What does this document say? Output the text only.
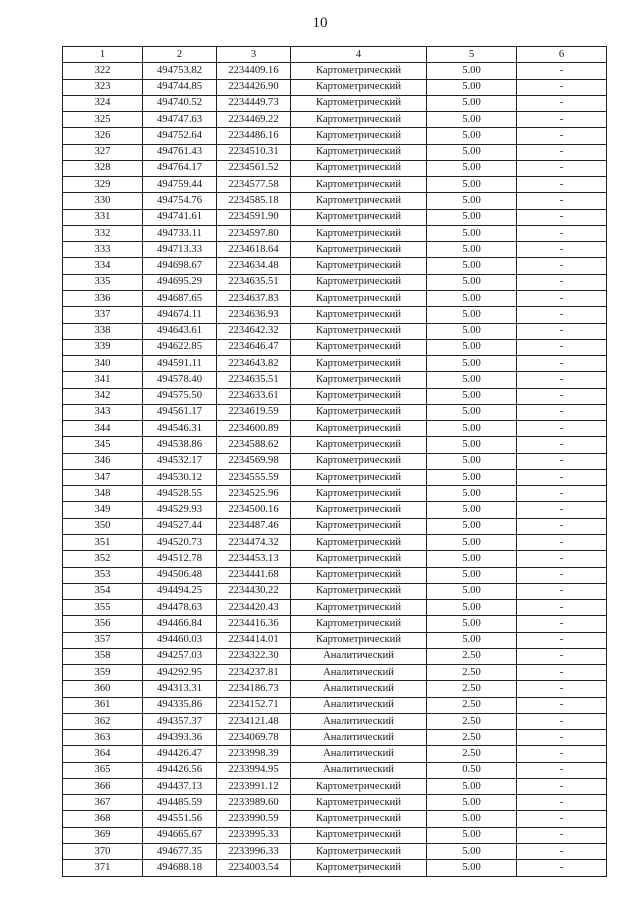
10
1	2	3	4	5	6
322	494753.82	2234409.16	Картометрический	5.00	-
323	494744.85	2234426.90	Картометрический	5.00	-
324	494740.52	2234449.73	Картометрический	5.00	-
325	494747.63	2234469.22	Картометрический	5.00	-
326	494752.64	2234486.16	Картометрический	5.00	-
327	494761.43	2234510.31	Картометрический	5.00	-
328	494764.17	2234561.52	Картометрический	5.00	-
329	494759.44	2234577.58	Картометрический	5.00	-
330	494754.76	2234585.18	Картометрический	5.00	-
331	494741.61	2234591.90	Картометрический	5.00	-
332	494733.11	2234597.80	Картометрический	5.00	-
333	494713.33	2234618.64	Картометрический	5.00	-
334	494698.67	2234634.48	Картометрический	5.00	-
335	494695.29	2234635.51	Картометрический	5.00	-
336	494687.65	2234637.83	Картометрический	5.00	-
337	494674.11	2234636.93	Картометрический	5.00	-
338	494643.61	2234642.32	Картометрический	5.00	-
339	494622.85	2234646.47	Картометрический	5.00	-
340	494591.11	2234643.82	Картометрический	5.00	-
341	494578.40	2234635.51	Картометрический	5.00	-
342	494575.50	2234633.61	Картометрический	5.00	-
343	494561.17	2234619.59	Картометрический	5.00	-
344	494546.31	2234600.89	Картометрический	5.00	-
345	494538.86	2234588.62	Картометрический	5.00	-
346	494532.17	2234569.98	Картометрический	5.00	-
347	494530.12	2234555.59	Картометрический	5.00	-
348	494528.55	2234525.96	Картометрический	5.00	-
349	494529.93	2234500.16	Картометрический	5.00	-
350	494527.44	2234487.46	Картометрический	5.00	-
351	494520.73	2234474.32	Картометрический	5.00	-
352	494512.78	2234453.13	Картометрический	5.00	-
353	494506.48	2234441.68	Картометрический	5.00	-
354	494494.25	2234430.22	Картометрический	5.00	-
355	494478.63	2234420.43	Картометрический	5.00	-
356	494466.84	2234416.36	Картометрический	5.00	-
357	494460.03	2234414.01	Картометрический	5.00	-
358	494257.03	2234322.30	Аналитический	2.50	-
359	494292.95	2234237.81	Аналитический	2.50	-
360	494313.31	2234186.73	Аналитический	2.50	-
361	494335.86	2234152.71	Аналитический	2.50	-
362	494357.37	2234121.48	Аналитический	2.50	-
363	494393.36	2234069.78	Аналитический	2.50	-
364	494426.47	2233998.39	Аналитический	2.50	-
365	494426.56	2233994.95	Аналитический	0.50	-
366	494437.13	2233991.12	Картометрический	5.00	-
367	494485.59	2233989.60	Картометрический	5.00	-
368	494551.56	2233990.59	Картометрический	5.00	-
369	494665.67	2233995.33	Картометрический	5.00	-
370	494677.35	2233996.33	Картометрический	5.00	-
371	494688.18	2234003.54	Картометрический	5.00	-
